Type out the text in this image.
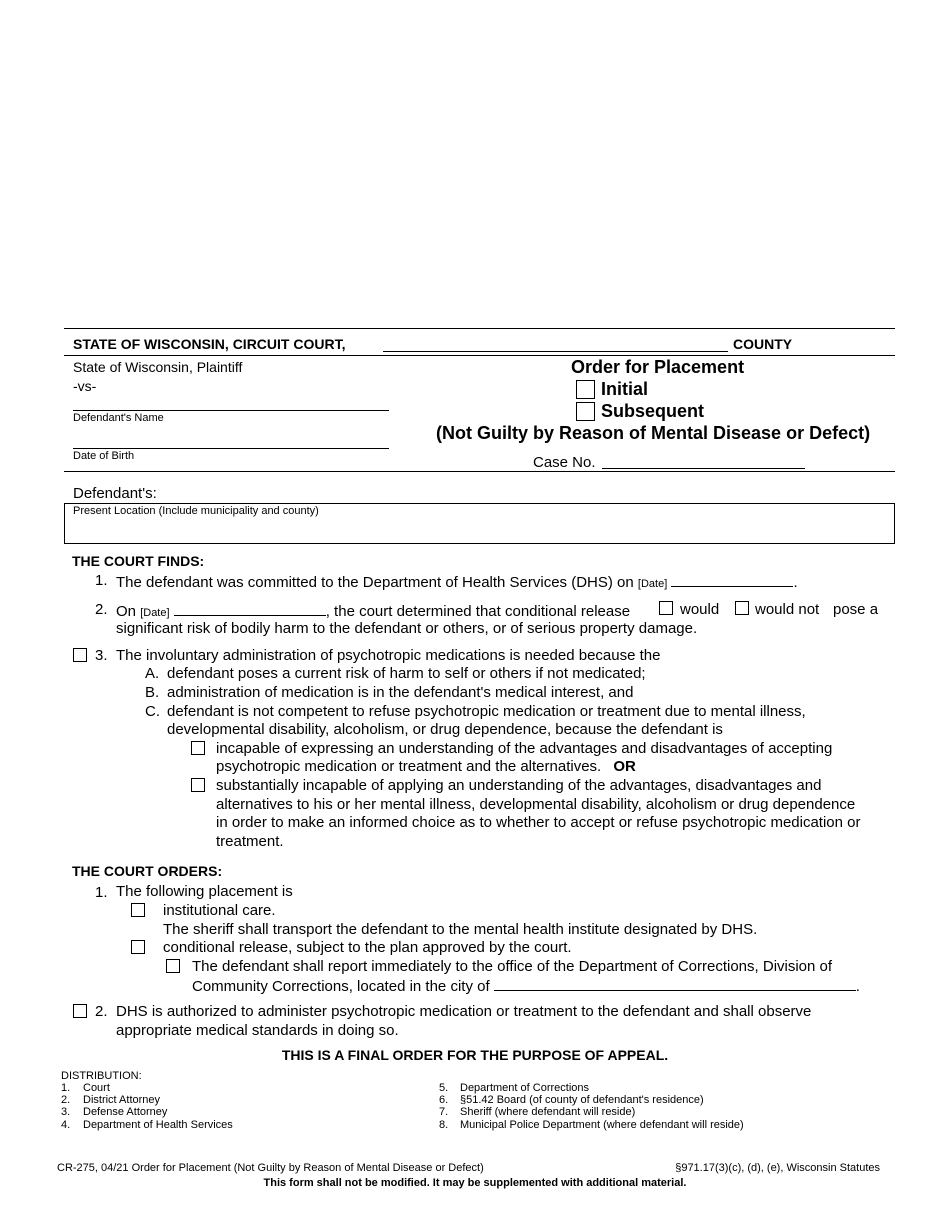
STATE OF WISCONSIN, CIRCUIT COURT,	COUNTY
State of Wisconsin, Plaintiff
-vs-
Defendant's Name
Date of Birth
Order for Placement
Initial
Subsequent
(Not Guilty by Reason of Mental Disease or Defect)
Case No.
Defendant's:
Present Location (Include municipality and county)
THE COURT FINDS:
1. The defendant was committed to the Department of Health Services (DHS) on [Date]	.
2. On [Date]	, the court determined that conditional release	would would not pose a
significant risk of bodily harm to the defendant or others, or of serious property damage.
3. The involuntary administration of psychotropic medications is needed because the
A. defendant poses a current risk of harm to self or others if not medicated;
B. administration of medication is in the defendant's medical interest, and
C. defendant is not competent to refuse psychotropic medication or treatment due to mental illness,
developmental disability, alcoholism, or drug dependence, because the defendant is
incapable of expressing an understanding of the advantages and disadvantages of accepting
psychotropic medication or treatment and the alternatives. OR
substantially incapable of applying an understanding of the advantages, disadvantages and
alternatives to his or her mental illness, developmental disability, alcoholism or drug dependence
in order to make an informed choice as to whether to accept or refuse psychotropic medication or
treatment.
THE COURT ORDERS:
1. The following placement is
institutional care.
The sheriff shall transport the defendant to the mental health institute designated by DHS.
conditional release, subject to the plan approved by the court.
The defendant shall report immediately to the office of the Department of Corrections, Division of
Community Corrections, located in the city of	.
2. DHS is authorized to administer psychotropic medication or treatment to the defendant and shall observe
appropriate medical standards in doing so.
THIS IS A FINAL ORDER FOR THE PURPOSE OF APPEAL.
DISTRIBUTION:
1. Court
2. District Attorney
3. Defense Attorney
4. Department of Health Services
5. Department of Corrections
6. §51.42 Board (of county of defendant's residence)
7. Sheriff (where defendant will reside)
8. Municipal Police Department (where defendant will reside)
CR-275, 04/21 Order for Placement (Not Guilty by Reason of Mental Disease or Defect)	§971.17(3)(c), (d), (e), Wisconsin Statutes
This form shall not be modified. It may be supplemented with additional material.
